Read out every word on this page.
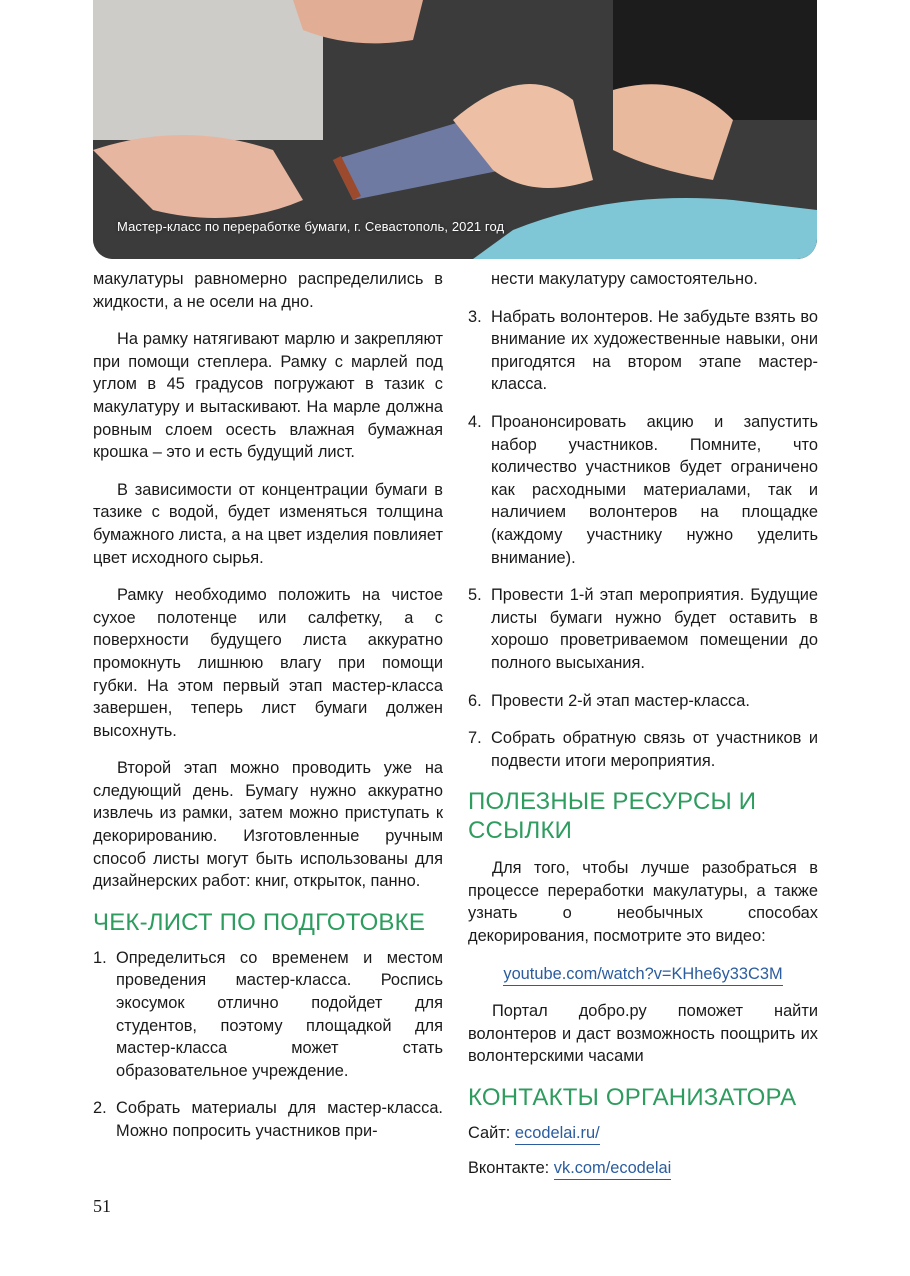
Мастер-класс по переработке бумаги, г. Севастополь, 2021 год

макулатуры равномерно распределились в жидкости, а не осели на дно.

На рамку натягивают марлю и закрепляют при помощи степлера. Рамку с марлей под углом в 45 градусов погружают в тазик с макулатуру и вытаскивают. На марле должна ровным слоем осесть влажная бумажная крошка – это и есть будущий лист.

В зависимости от концентрации бумаги в тазике с водой, будет изменяться толщина бумажного листа, а на цвет изделия повлияет цвет исходного сырья.

Рамку необходимо положить на чистое сухое полотенце или салфетку, а с поверхности будущего листа аккуратно промокнуть лишнюю влагу при помощи губки. На этом первый этап мастер-класса завершен, теперь лист бумаги должен высохнуть.

Второй этап можно проводить уже на следующий день. Бумагу нужно аккуратно извлечь из рамки, затем можно приступать к декорированию. Изготовленные ручным способ листы могут быть использованы для дизайнерских работ: книг, открыток, панно.

ЧЕК-ЛИСТ ПО ПОДГОТОВКЕ
1. Определиться со временем и местом проведения мастер-класса. Роспись экосумок отлично подойдет для студентов, поэтому площадкой для мастер-класса может стать образовательное учреждение.
2. Собрать материалы для мастер-класса. Можно попросить участников при-

нести макулатуру самостоятельно.

3. Набрать волонтеров. Не забудьте взять во внимание их художественные навыки, они пригодятся на втором этапе мастер-класса.
4. Проанонсировать акцию и запустить набор участников. Помните, что количество участников будет ограничено как расходными материалами, так и наличием волонтеров на площадке (каждому участнику нужно уделить внимание).
5. Провести 1-й этап мероприятия. Будущие листы бумаги нужно будет оставить в хорошо проветриваемом помещении до полного высыхания.
6. Провести 2-й этап мастер-класса.
7. Собрать обратную связь от участников и подвести итоги мероприятия.
ПОЛЕЗНЫЕ РЕСУРСЫ И ССЫЛКИ

Для того, чтобы лучше разобраться в процессе переработки макулатуры, а также узнать о необычных способах декорирования, посмотрите это видео:

youtube.com/watch?v=KHhe6y33C3M

Портал добро.ру поможет найти волонтеров и даст возможность поощрить их волонтерскими часами

КОНТАКТЫ ОРГАНИЗАТОРА

Сайт: ecodelai.ru/

Вконтакте: vk.com/ecodelai

51
